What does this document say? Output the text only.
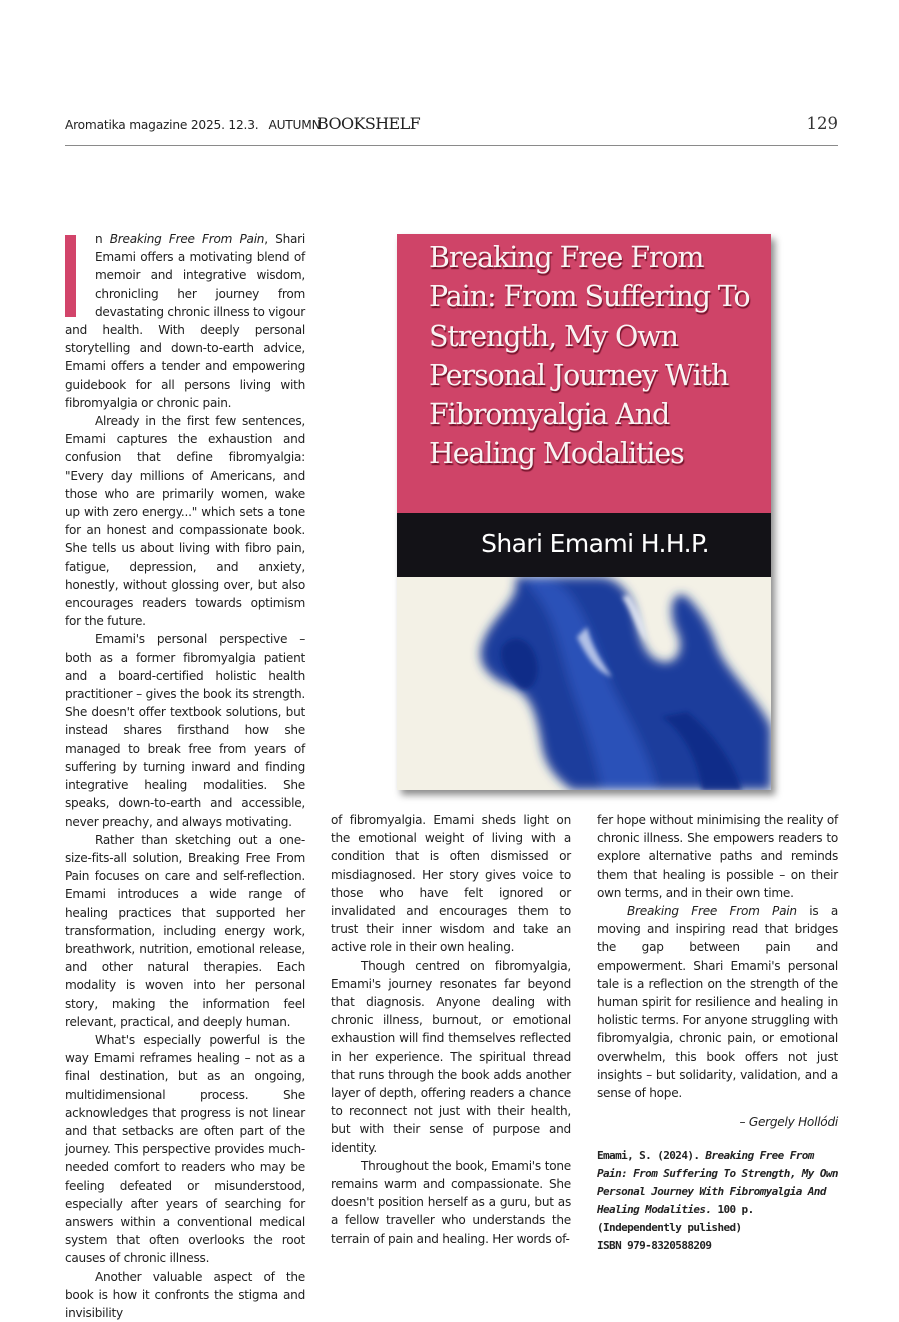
Aromatika magazine 2025. 12.3. AUTUMN
BOOKSHELF	129

n Breaking Free From Pain, Shari Emami offers a motivating blend of memoir and integrative wisdom, chronicling her journey from devastating chronic illness to vigour and health. With deeply personal storytelling and down-to-earth advice, Emami offers a tender and empowering guidebook for all persons living with fibromyalgia or chronic pain.

Already in the first few sentences, Emami captures the exhaustion and confusion that define fibromyalgia: "Every day millions of Americans, and those who are primarily women, wake up with zero energy..." which sets a tone for an honest and compassionate book. She tells us about living with fibro pain, fatigue, depression, and anxiety, honestly, without glossing over, but also encourages readers towards optimism for the future.

Emami's personal perspective – both as a former fibromyalgia patient and a board-certified holistic health practitioner – gives the book its strength. She doesn't offer textbook solutions, but instead shares firsthand how she managed to break free from years of suffering by turning inward and finding integrative healing modalities. She speaks, down-to-earth and accessible, never preachy, and always motivating.

Rather than sketching out a one-size-fits-all solution, Breaking Free From Pain focuses on care and self-reflection. Emami introduces a wide range of healing practices that supported her transformation, including energy work, breathwork, nutrition, emotional release, and other natural therapies. Each modality is woven into her personal story, making the information feel relevant, practical, and deeply human.

What's especially powerful is the way Emami reframes healing – not as a final destination, but as an ongoing, multidimensional process. She acknowledges that progress is not linear and that setbacks are often part of the journey. This perspective provides much-needed comfort to readers who may be feeling defeated or misunderstood, especially after years of searching for answers within a conventional medical system that often overlooks the root causes of chronic illness.

Another valuable aspect of the book is how it confronts the stigma and invisibility

Breaking Free From Pain: From Suffering To Strength, My Own Personal Journey With Fibromyalgia And Healing Modalities
Shari Emami H.H.P.

of fibromyalgia. Emami sheds light on the emotional weight of living with a condition that is often dismissed or misdiagnosed. Her story gives voice to those who have felt ignored or invalidated and encourages them to trust their inner wisdom and take an active role in their own healing.

Though centred on fibromyalgia, Emami's journey resonates far beyond that diagnosis. Anyone dealing with chronic illness, burnout, or emotional exhaustion will find themselves reflected in her experience. The spiritual thread that runs through the book adds another layer of depth, offering readers a chance to reconnect not just with their health, but with their sense of purpose and identity.

Throughout the book, Emami's tone remains warm and compassionate. She doesn't position herself as a guru, but as a fellow traveller who understands the terrain of pain and healing. Her words of-

fer hope without minimising the reality of chronic illness. She empowers readers to explore alternative paths and reminds them that healing is possible – on their own terms, and in their own time.

Breaking Free From Pain is a moving and inspiring read that bridges the gap between pain and empowerment. Shari Emami's personal tale is a reflection on the strength of the human spirit for resilience and healing in holistic terms. For anyone struggling with fibromyalgia, chronic pain, or emotional overwhelm, this book offers not just insights – but solidarity, validation, and a sense of hope.

– Gergely Hollódi
Emami, S. (2024). Breaking Free From Pain: From Suffering To Strength, My Own Personal Journey With Fibromyalgia And Healing Modalities. 100 p. (Independently pulished)
ISBN 979-8320588209
